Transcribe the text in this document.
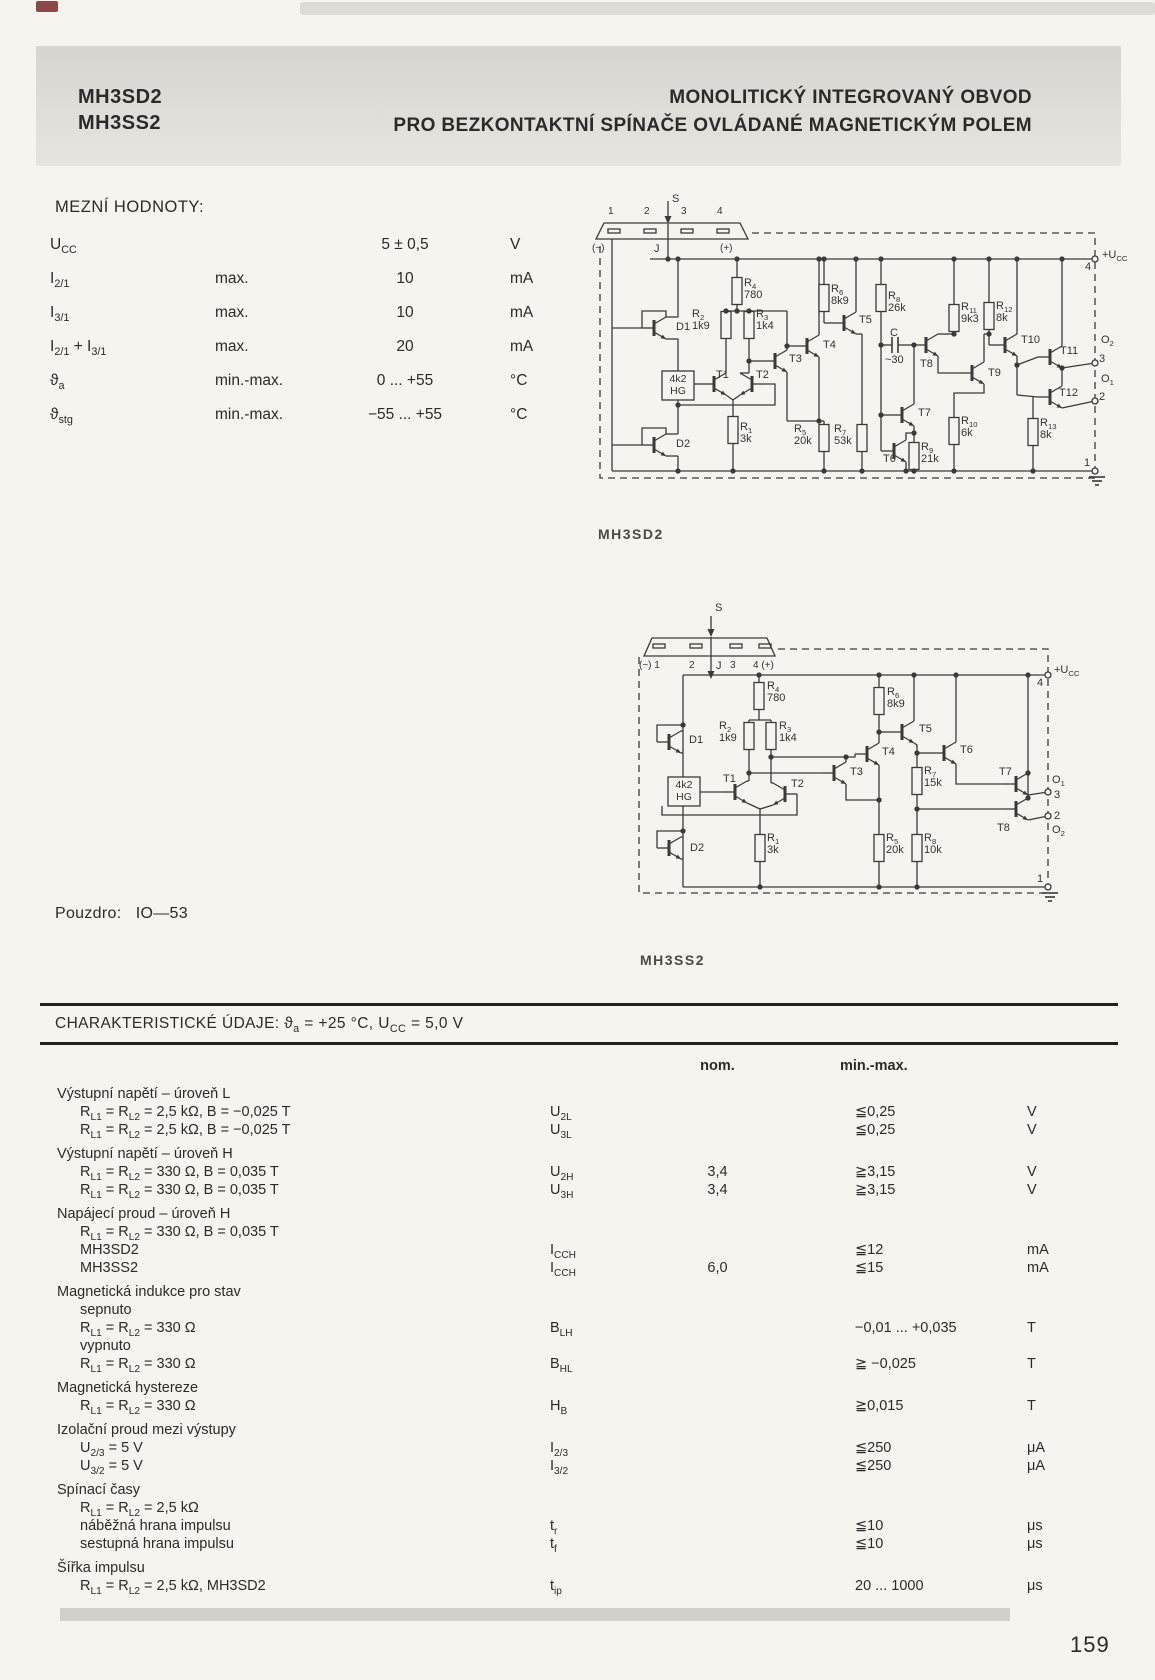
MH3SD2
MH3SS2
MONOLITICKÝ INTEGROVANÝ OBVOD
PRO BEZKONTAKTNÍ SPÍNAČE OVLÁDANÉ MAGNETICKÝM POLEM
MEZNÍ HODNOTY:
$U_{CC}$	5 ± 0,5	V
$I_{2/1}$	max.	10	mA
$I_{3/1}$	max.	10	mA
$I_{2/1} + I_{3/1}$	max.	20	mA
$ϑ_a$	min.-max.	0 ... +55	°C
$ϑ_{stg}$	min.-max.	−55 ... +55	°C
1	2	3	4
S
(−)	J	(+)
$+U_{CC}$
4
$O_2$
3
$O_1$
2
1
D1
D2
4k2
HG
$R_4$
780
$R_2$
1k9
$R_3$
1k4
$R_1$
3k
$R_5$
20k
$R_7$
53k
$R_6$
8k9	$R_8$
26k
$R_9$
21k
$R_{10}$
6k
$R_{11}$
9k3
$R_{12}$
8k
$R_{13}$
8k
T1 T2
T3
T4
T5
T6
T7
T8
T9
T10
T11
T12
C
~30
MH3SD2
(−) 1	2	3 4 (+)
S
J	$+U_{CC}$
4
$O_1$
3
2
$O_2$
1
D1
D2
4k2
HG
$R_4$
780
$R_2$
1k9
$R_3$
1k4
$R_1$
3k
$R_5$
20k
$R_6$
8k9
$R_7$
15k
$R_8$
10k
T1	T2
T3
T4
T5
T6
T7
T8
MH3SS2
Pouzdro: IO—53
CHARAKTERISTICKÉ ÚDAJE: $ϑ_a = +25$ °C, $U_{CC} = 5,0$ V
nom.	min.-max.
Výstupní napětí – úroveň L
$R_{L1} = R_{L2} = 2,5$ kΩ, B = −0,025 T	$U_{2L}$	≦0,25	V
$R_{L1} = R_{L2} = 2,5$ kΩ, B = −0,025 T	$U_{3L}$	≦0,25	V
Výstupní napětí – úroveň H
$R_{L1} = R_{L2} = 330$ Ω, B = 0,035 T	$U_{2H}$	3,4	≧3,15	V
$R_{L1} = R_{L2} = 330$ Ω, B = 0,035 T	$U_{3H}$	3,4	≧3,15	V
Napájecí proud – úroveň H
$R_{L1} = R_{L2} = 330$ Ω, B = 0,035 T
MH3SD2	$I_{CCH}$	≦12	mA
MH3SS2	$I_{CCH}$	6,0	≦15	mA
Magnetická indukce pro stav
sepnuto
$R_{L1} = R_{L2} = 330$ Ω	$B_{LH}$	−0,01 ... +0,035	T
vypnuto
$R_{L1} = R_{L2} = 330$ Ω	$B_{HL}$	≧ −0,025	T
Magnetická hystereze
$R_{L1} = R_{L2} = 330$ Ω	$H_B$	≧0,015	T
Izolační proud mezi výstupy
$U_{2/3} = 5$ V	$I_{2/3}$	≦250	μA
$U_{3/2} = 5$ V	$I_{3/2}$	≦250	μA
Spínací časy
$R_{L1} = R_{L2} = 2,5$ kΩ
náběžná hrana impulsu	$t_r$	≦10	μs
sestupná hrana impulsu	$t_f$	≦10	μs
Šířka impulsu
$R_{L1} = R_{L2} = 2,5$ kΩ, MH3SD2	$t_{ip}$	20 ... 1000	μs
159
